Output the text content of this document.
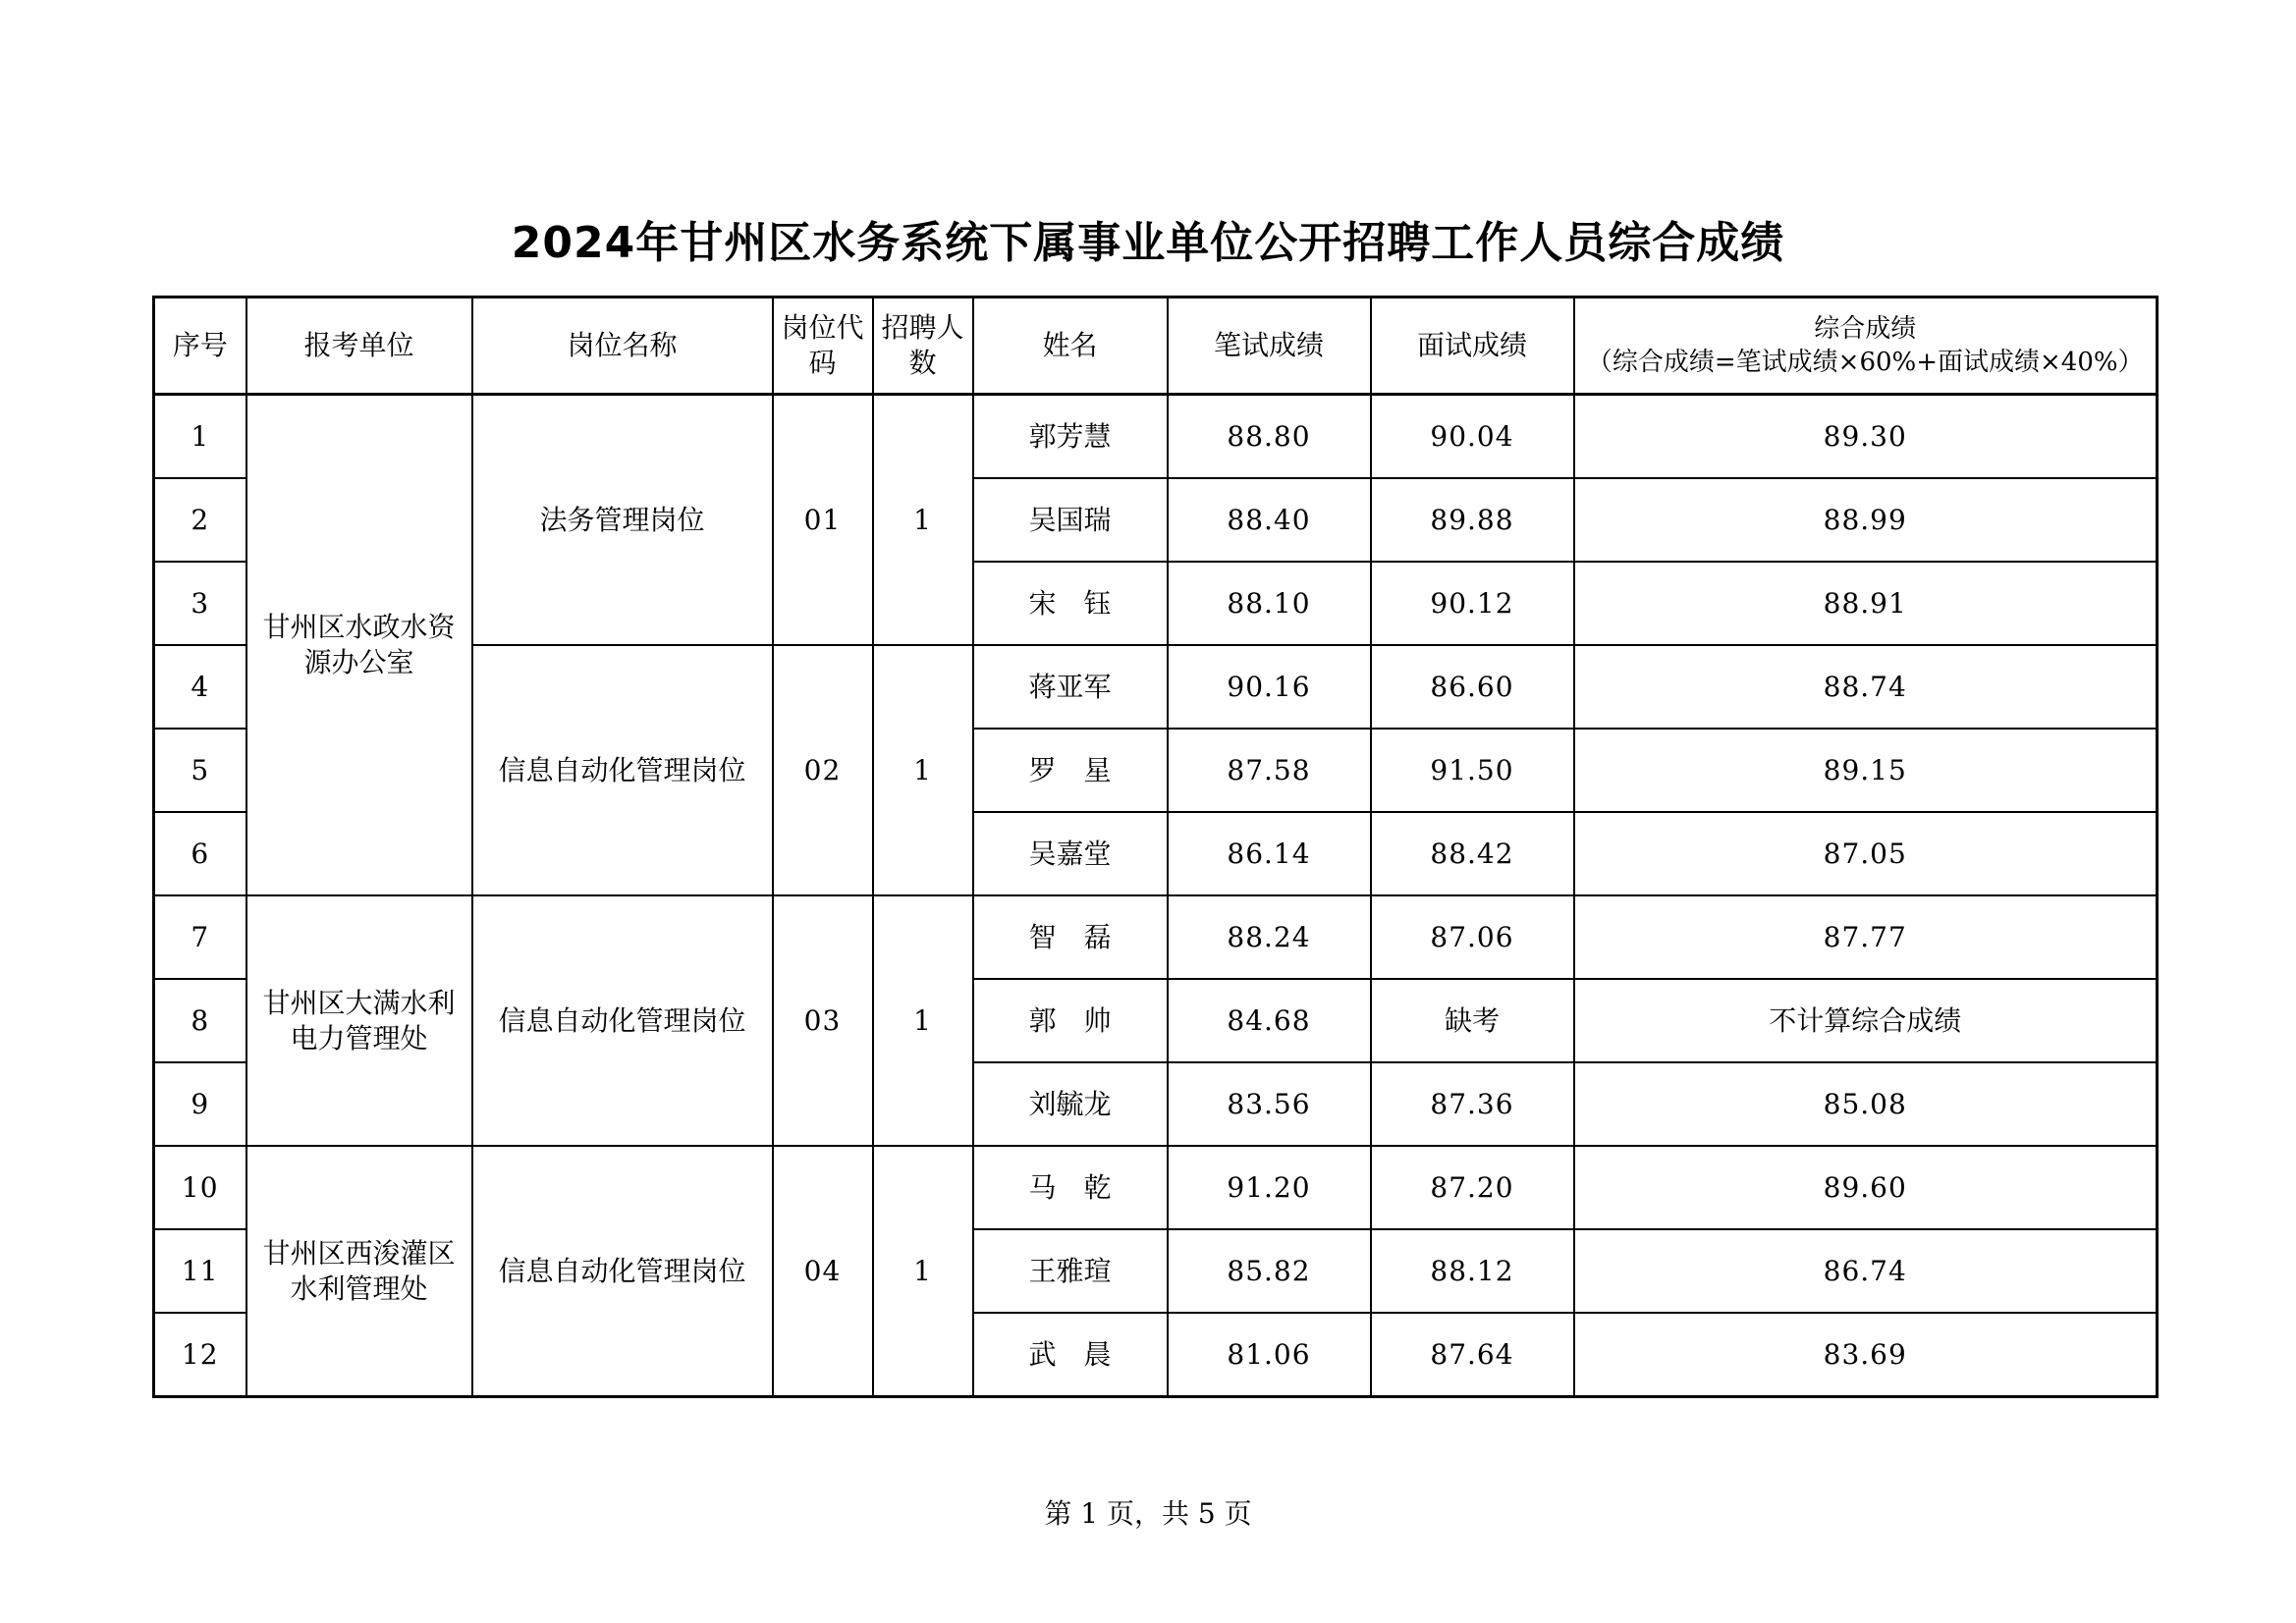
2024年甘州区水务系统下属事业单位公开招聘工作人员综合成绩
序号	报考单位	岗位名称	岗位代码	招聘人数	姓名	笔试成绩	面试成绩	综合成绩
（综合成绩=笔试成绩×60%+面试成绩×40%）

1	甘州区水政水资源办公室	法务管理岗位	01	1	郭芳慧	88.80	90.04	89.30
2					吴国瑞	88.40	89.88	88.99
3					宋　钰	88.10	90.12	88.91
4		信息自动化管理岗位	02	1	蒋亚军	90.16	86.60	88.74
5					罗　星	87.58	91.50	89.15
6					吴嘉堂	86.14	88.42	87.05
7	甘州区大满水利电力管理处	信息自动化管理岗位	03	1	智　磊	88.24	87.06	87.77
8					郭　帅	84.68	缺考	不计算综合成绩
9					刘毓龙	83.56	87.36	85.08
10	甘州区西浚灌区水利管理处	信息自动化管理岗位	04	1	马　乾	91.20	87.20	89.60
11					王雅瑄	85.82	88.12	86.74
12					武　晨	81.06	87.64	83.69
第 1 页，共 5 页
